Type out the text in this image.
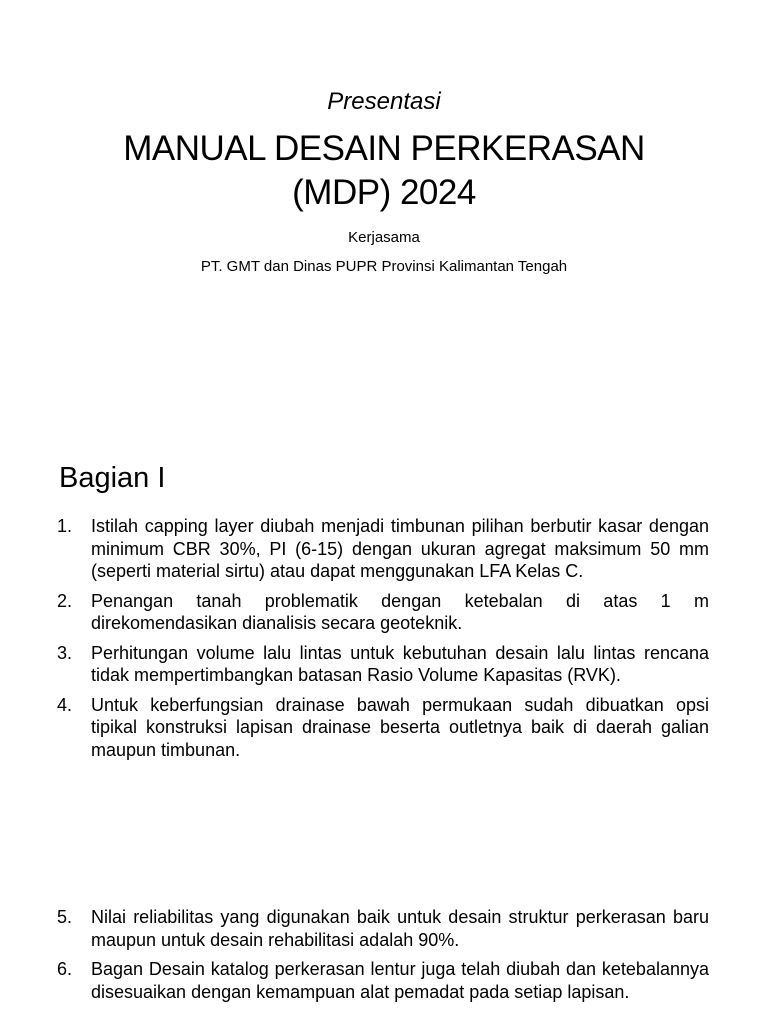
Presentasi
MANUAL DESAIN PERKERASAN
(MDP) 2024
Kerjasama
PT. GMT dan Dinas PUPR Provinsi Kalimantan Tengah
Bagian I
1.	Istilah capping layer diubah menjadi timbunan pilihan berbutir kasar dengan minimum CBR 30%, PI (6-15) dengan ukuran agregat maksimum 50 mm (seperti material sirtu) atau dapat menggunakan LFA Kelas C.
2.	Penangan tanah problematik dengan ketebalan di atas 1 m direkomendasikan dianalisis secara geoteknik.
3.	Perhitungan volume lalu lintas untuk kebutuhan desain lalu lintas rencana tidak mempertimbangkan batasan Rasio Volume Kapasitas (RVK).
4.	Untuk keberfungsian drainase bawah permukaan sudah dibuatkan opsi tipikal konstruksi lapisan drainase beserta outletnya baik di daerah galian maupun timbunan.
5.	Nilai reliabilitas yang digunakan baik untuk desain struktur perkerasan baru maupun untuk desain rehabilitasi adalah 90%.
6.	Bagan Desain katalog perkerasan lentur juga telah diubah dan ketebalannya disesuaikan dengan kemampuan alat pemadat pada setiap lapisan.
